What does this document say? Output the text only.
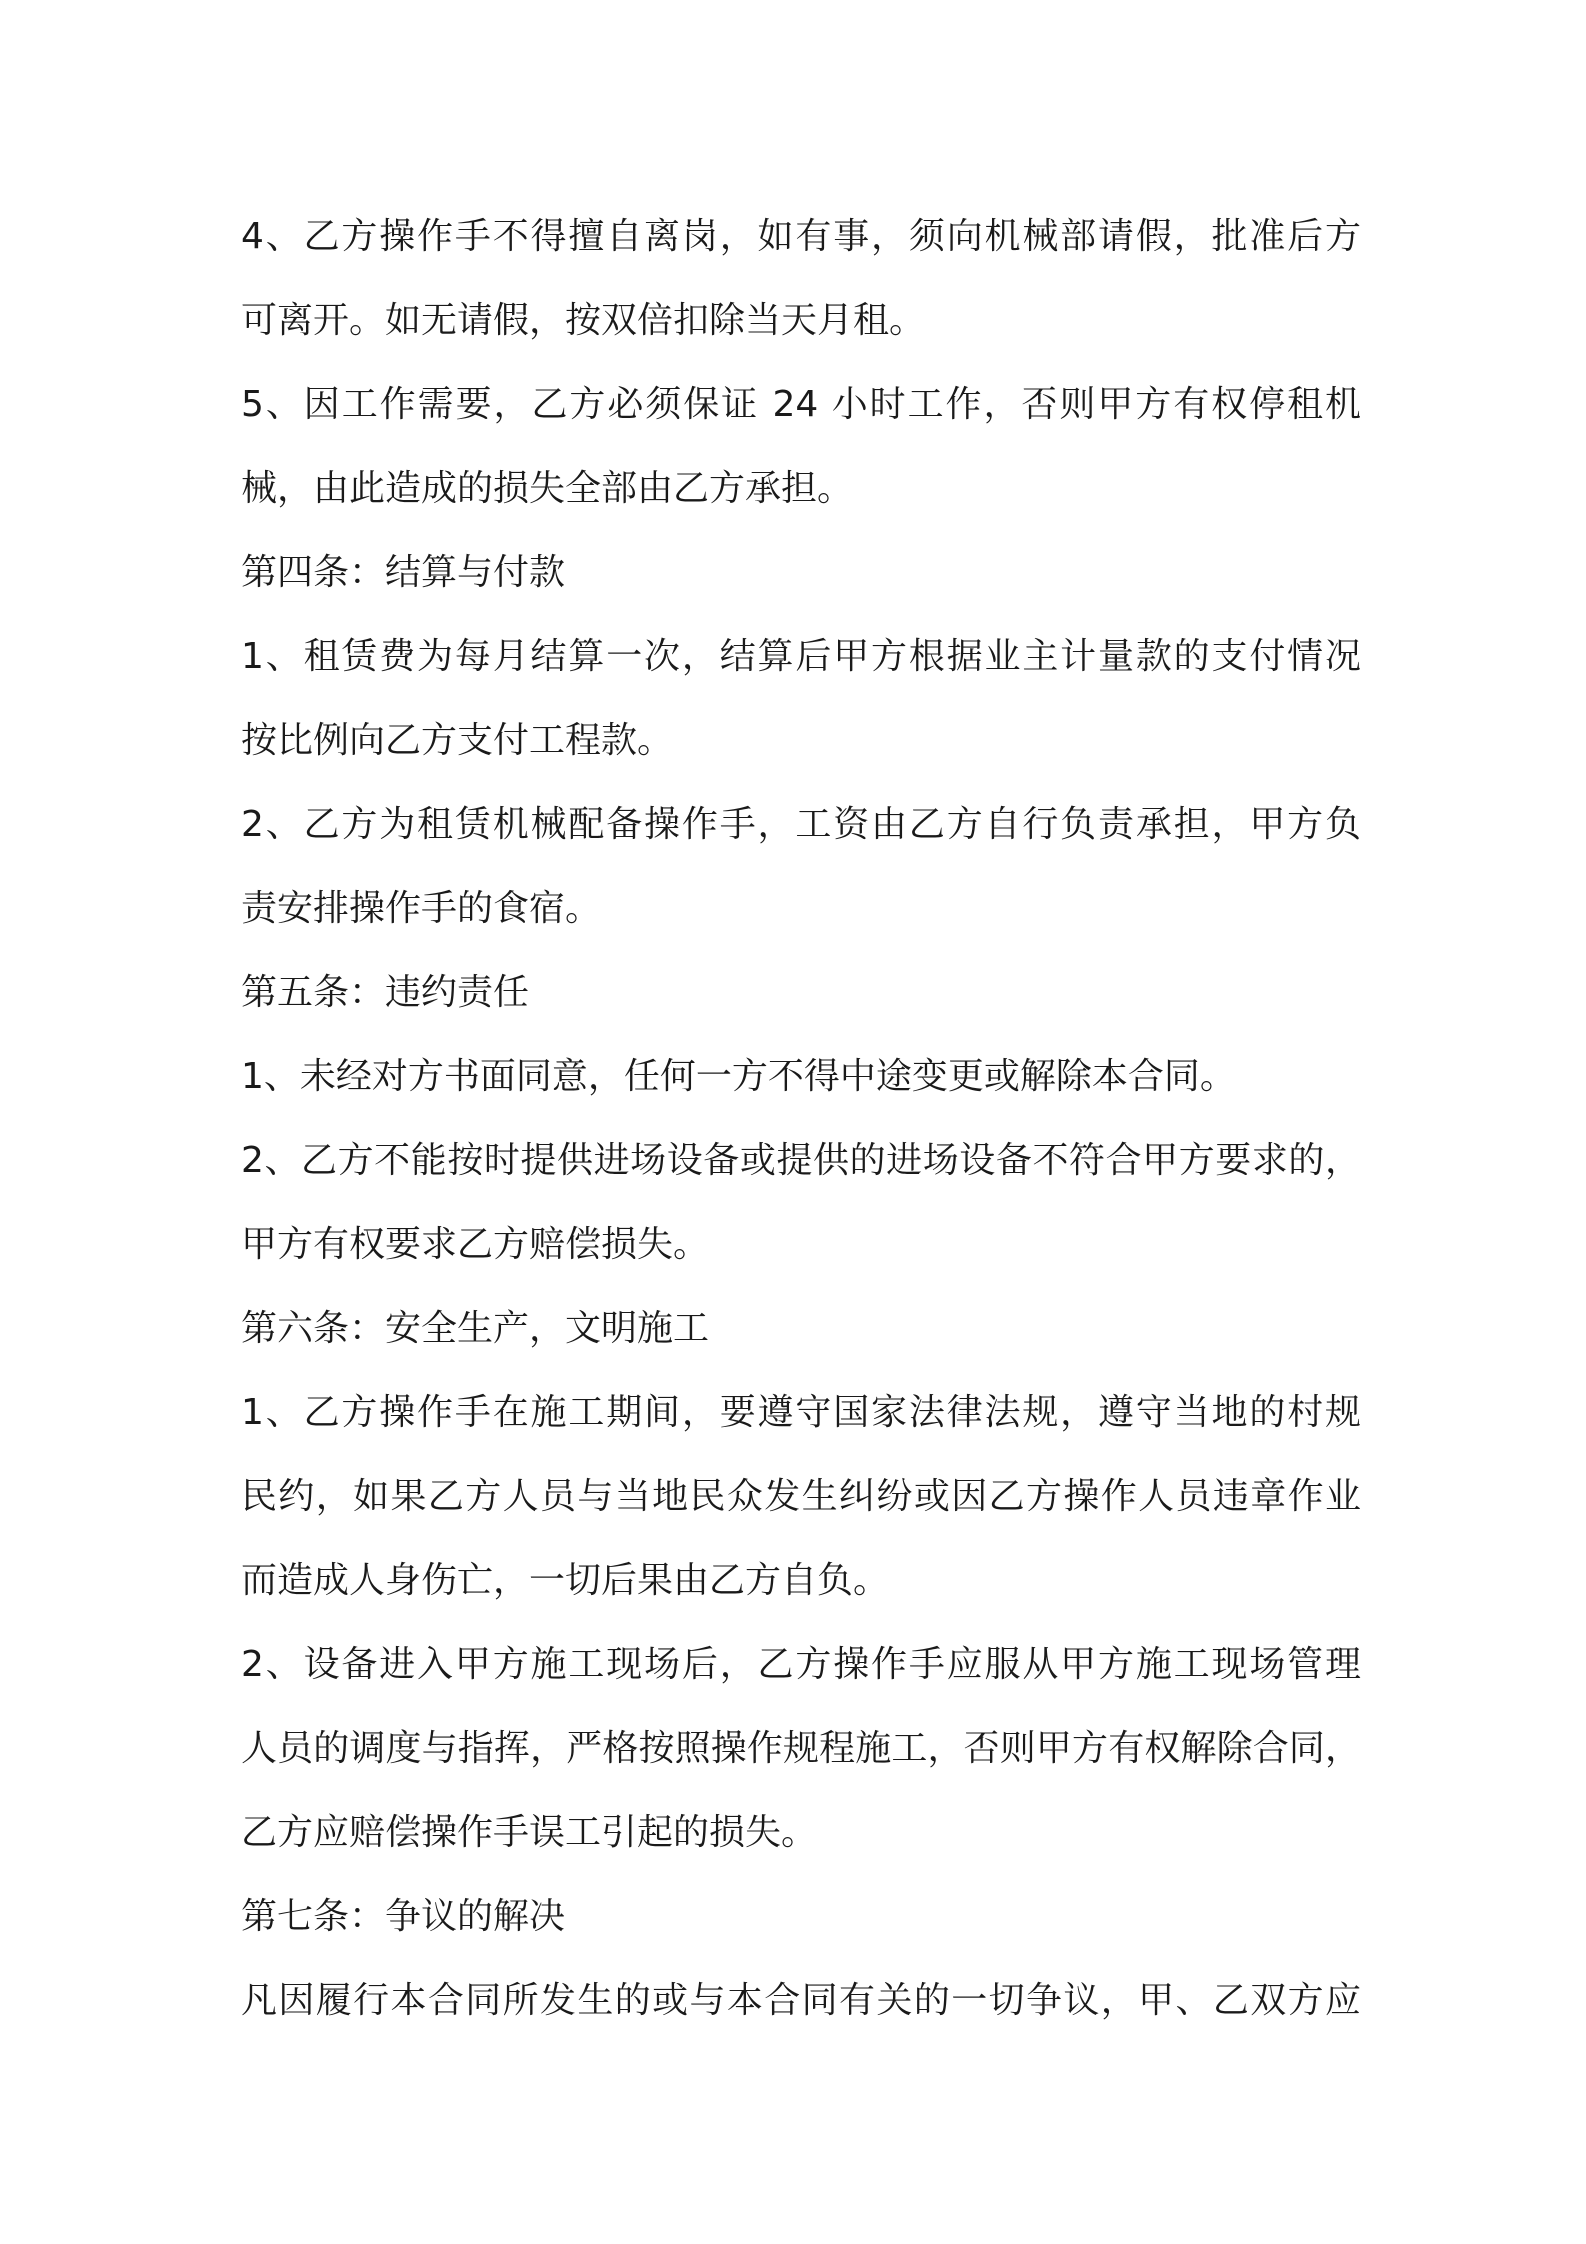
4、乙方操作手不得擅自离岗，如有事，须向机械部请假，批准后方
可离开。如无请假，按双倍扣除当天月租。
5、因工作需要，乙方必须保证 24 小时工作，否则甲方有权停租机
械，由此造成的损失全部由乙方承担。
第四条：结算与付款
1、租赁费为每月结算一次，结算后甲方根据业主计量款的支付情况
按比例向乙方支付工程款。
2、乙方为租赁机械配备操作手，工资由乙方自行负责承担，甲方负
责安排操作手的食宿。
第五条：违约责任
1、未经对方书面同意，任何一方不得中途变更或解除本合同。
2、乙方不能按时提供进场设备或提供的进场设备不符合甲方要求的，
甲方有权要求乙方赔偿损失。
第六条：安全生产，文明施工
1、乙方操作手在施工期间，要遵守国家法律法规，遵守当地的村规
民约，如果乙方人员与当地民众发生纠纷或因乙方操作人员违章作业
而造成人身伤亡，一切后果由乙方自负。
2、设备进入甲方施工现场后，乙方操作手应服从甲方施工现场管理
人员的调度与指挥，严格按照操作规程施工，否则甲方有权解除合同，
乙方应赔偿操作手误工引起的损失。
第七条：争议的解决
凡因履行本合同所发生的或与本合同有关的一切争议，甲、乙双方应
